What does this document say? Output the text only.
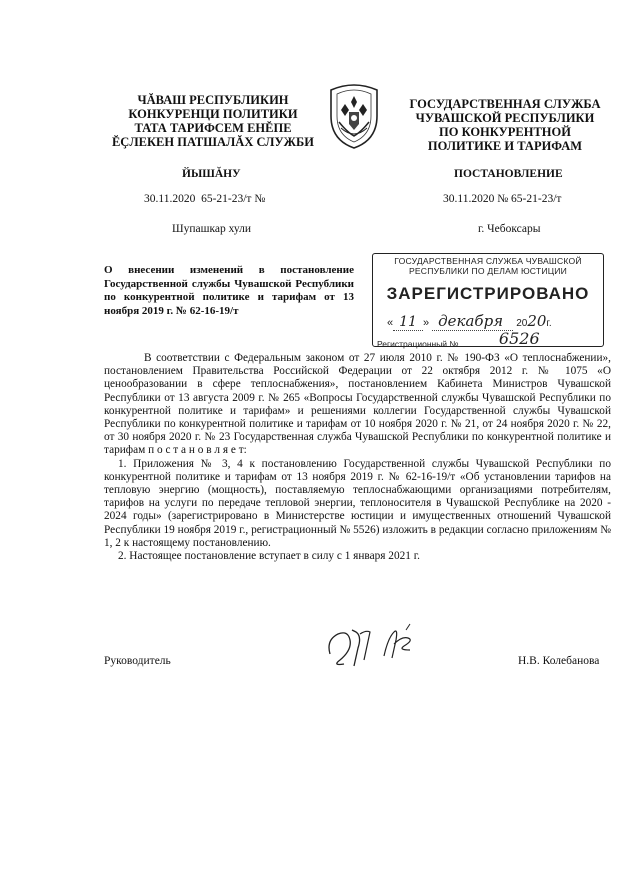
ЧĂВАШ РЕСПУБЛИКИН
КОНКУРЕНЦИ ПОЛИТИКИ
ТАТА ТАРИФСЕМ ЕНĔПЕ
ĔҪЛЕКЕН ПАТШАЛĂХ СЛУЖБИ
ГОСУДАРСТВЕННАЯ СЛУЖБА
ЧУВАШСКОЙ РЕСПУБЛИКИ
ПО КОНКУРЕНТНОЙ
ПОЛИТИКЕ И ТАРИФАМ
ЙЫШĂНУ	ПОСТАНОВЛЕНИЕ
30.11.2020  65-21-23/т №	30.11.2020 № 65-21-23/т
Шупашкар хули	г. Чебоксары
О внесении изменений в постановление Государственной службы Чувашской Республики по конкурентной политике и тарифам от 13 ноября 2019 г. № 62-16-19/т
ГОСУДАРСТВЕННАЯ СЛУЖБА ЧУВАШСКОЙ
РЕСПУБЛИКИ ПО ДЕЛАМ ЮСТИЦИИ
ЗАРЕГИСТРИРОВАНО
« 11 » декабря 2020г.
Регистрационный №	6526

В соответствии с Федеральным законом от 27 июля 2010 г. № 190-ФЗ «О теплоснабжении», постановлением Правительства Российской Федерации от 22 октября 2012 г. № 1075 «О ценообразовании в сфере теплоснабжения», постановлением Кабинета Министров Чувашской Республики от 13 августа 2009 г. № 265 «Вопросы Государственной службы Чувашской Республики по конкурентной политике и тарифам» и решениями коллегии Государственной службы Чувашской Республики по конкурентной политике и тарифам от 10 ноября 2020 г. № 21, от 24 ноября 2020 г. № 22, от 30 ноября 2020 г. № 23 Государственная служба Чувашской Республики по конкурентной политике и тарифам п о с т а н о в л я е т:

1. Приложения № 3, 4 к постановлению Государственной службы Чувашской Республики по конкурентной политике и тарифам от 13 ноября 2019 г. № 62-16-19/т «Об установлении тарифов на тепловую энергию (мощность), поставляемую теплоснабжающими организациями потребителям, тарифов на услуги по передаче тепловой энергии, теплоносителя в Чувашской Республике на 2020 - 2024 годы» (зарегистрировано в Министерстве юстиции и имущественных отношений Чувашской Республики 19 ноября 2019 г., регистрационный № 5526) изложить в редакции согласно приложениям № 1, 2 к настоящему постановлению.

2. Настоящее постановление вступает в силу с 1 января 2021 г.

Руководитель	Н.В. Колебанова
